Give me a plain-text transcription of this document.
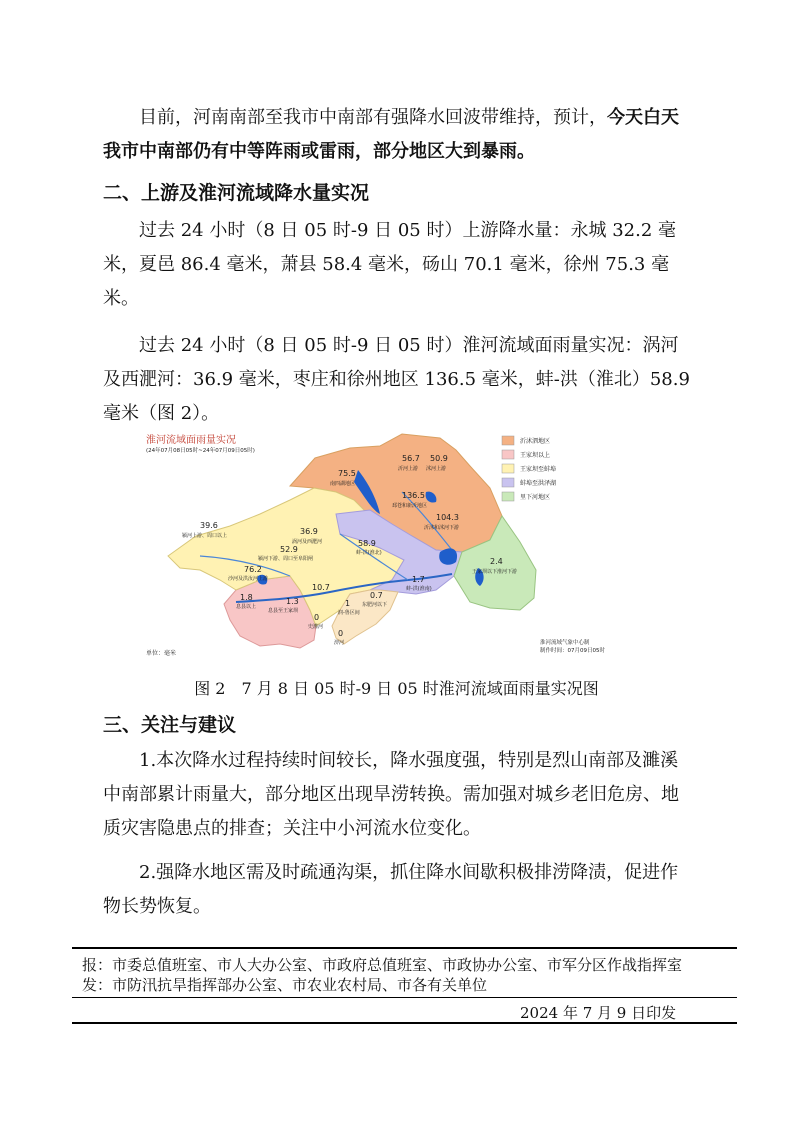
目前，河南南部至我市中南部有强降水回波带维持，预计，今天白天我市中南部仍有中等阵雨或雷雨，部分地区大到暴雨。

二、上游及淮河流域降水量实况

过去 24 小时（8 日 05 时-9 日 05 时）上游降水量：永城 32.2 毫米，夏邑 86.4 毫米，萧县 58.4 毫米，砀山 70.1 毫米，徐州 75.3 毫米。

过去 24 小时（8 日 05 时-9 日 05 时）淮河流域面雨量实况：涡河及西淝河：36.9 毫米，枣庄和徐州地区 136.5 毫米，蚌-洪（淮北）58.9 毫米（图 2）。

淮河流域面雨量实况
(24年07月08日05时~24年07月09日05时)
75.5
56.7 50.9
136.5
104.3
39.6
36.9
58.9
52.9
2.4
76.2
10.7
1.7
1.8	1.3	1
0.7
0
0
南四湖地区
沂河上游 沭河上游
邳苍和新沂地区
沂沭和沭河下游
颍河上游、周口以上
涡河及西淝河
蚌-洪(淮北)
颍河下游、周口至阜阳闸
王家坝以下淮河下游
沙河及洪汝河上游
息县以上
息县至王家坝	润-鲁区间
东肥河以下
史灌河
淠河
蚌-洪(淮南)
沂沭泗地区
王家坝以上
王家坝至蚌埠
蚌埠至洪泽湖
里下河地区
单位：毫米
淮河流域气象中心制
制作时间：07月09日05时
图 2　7 月 8 日 05 时-9 日 05 时淮河流域面雨量实况图

三、关注与建议

1.本次降水过程持续时间较长，降水强度强，特别是烈山南部及濉溪中南部累计雨量大，部分地区出现旱涝转换。需加强对城乡老旧危房、地质灾害隐患点的排查；关注中小河流水位变化。

2.强降水地区需及时疏通沟渠，抓住降水间歇积极排涝降渍，促进作物长势恢复。

报：市委总值班室、市人大办公室、市政府总值班室、市政协办公室、市军分区作战指挥室
发：市防汛抗旱指挥部办公室、市农业农村局、市各有关单位
2024 年 7 月 9 日印发
